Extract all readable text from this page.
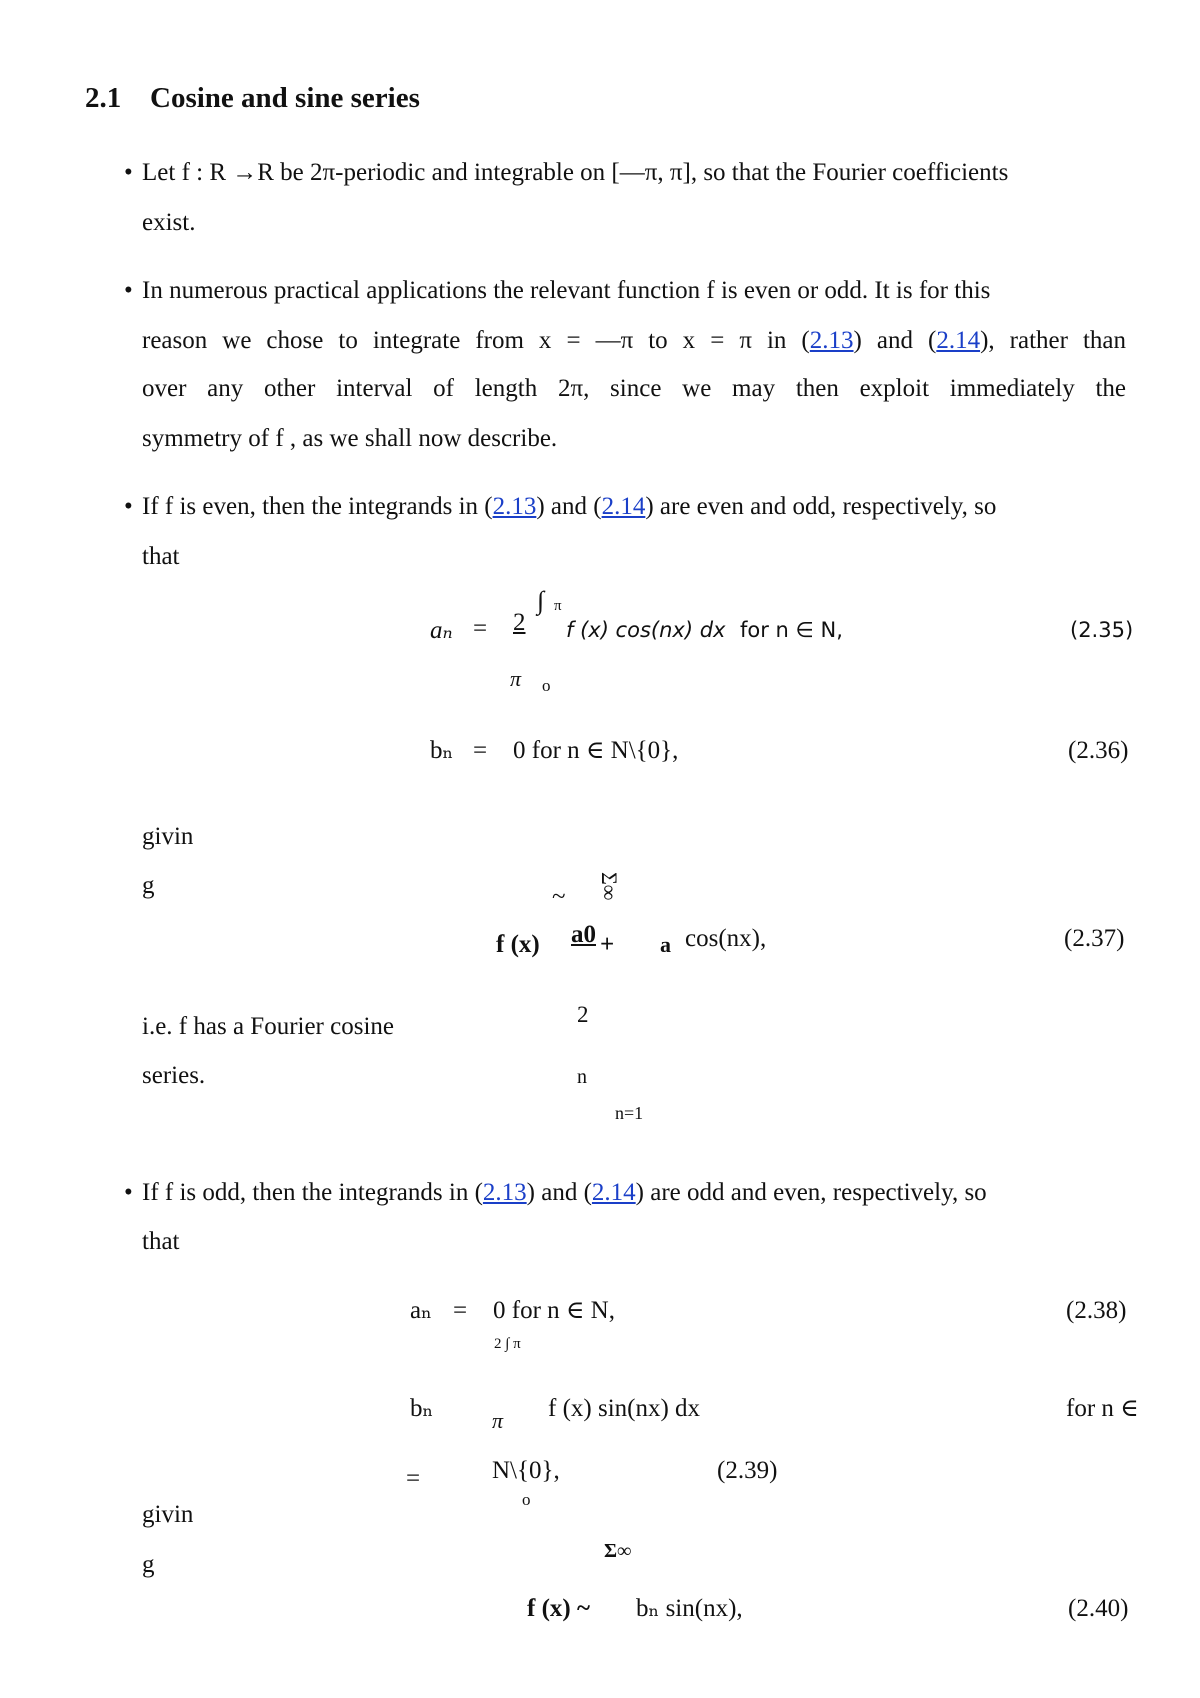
2.1 Cosine and sine series
• Let f : R →R be 2π-periodic and integrable on [—π, π], so that the Fourier coefficients
exist.
• In numerous practical applications the relevant function f is even or odd. It is for this
reason we chose to integrate from x = —π to x = π in (2.13) and (2.14), rather than
over any other interval of length 2π, since we may then exploit immediately the
symmetry of f , as we shall now describe.
• If f is even, then the integrands in (2.13) and (2.14) are even and odd, respectively, so
that
aₙ = 2
∫ π
f (x) cos(nx) dx for n ∈ N,	(2.35)
π o
bₙ = 0 for n ∈ N\{0},	(2.36)
givin
g	Σ∞
~
f (x) a0 + a cos(nx),	(2.37)
2
n
n=1
i.e. f has a Fourier cosine
series.
• If f is odd, then the integrands in (2.13) and (2.14) are odd and even, respectively, so
that
aₙ = 0 for n ∈ N,	(2.38)
2 ∫ π
bₙ	π f (x) sin(nx) dx	for n ∈
=	N\{0},
o
(2.39)
givin
g	Σ∞
f (x) ~ bₙ sin(nx),	(2.40)
